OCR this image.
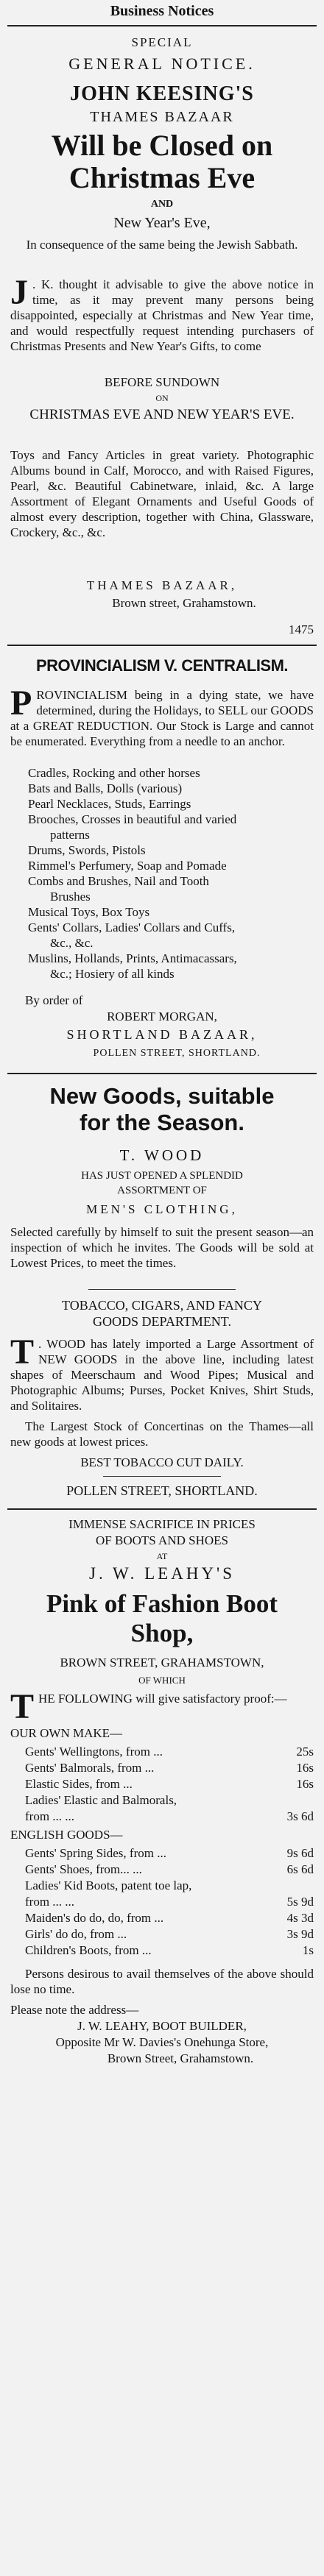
Business Notices
SPECIAL
GENERAL NOTICE.
JOHN KEESING'S
THAMES BAZAAR
Will be Closed on
Christmas Eve
AND
New Year's Eve,
In consequence of the same being the Jewish Sabbath.
J . K. thought it advisable to give the above notice in time, as it may prevent many persons being disappointed, especially at Christmas and New Year time, and would respectfully request intending purchasers of Christmas Presents and New Year's Gifts, to come

BEFORE SUNDOWN
ON
CHRISTMAS EVE AND NEW YEAR'S EVE.

Toys and Fancy Articles in great variety. Photographic Albums bound in Calf, Morocco, and with Raised Figures, Pearl, &c. Beautiful Cabinetware, inlaid, &c. A large Assortment of Elegant Ornaments and Useful Goods of almost every description, together with China, Glassware, Crockery, &c., &c.

THAMES BAZAAR,
Brown street, Grahamstown.
1475
PROVINCIALISM V. CENTRALISM.
P ROVINCIALISM being in a dying state, we have determined, during the Holidays, to SELL our GOODS at a GREAT REDUCTION. Our Stock is Large and cannot be enumerated. Everything from a needle to an anchor.

Cradles, Rocking and other horses
Bats and Balls, Dolls (various)
Pearl Necklaces, Studs, Earrings
Brooches, Crosses in beautiful and varied
patterns
Drums, Swords, Pistols
Rimmel's Perfumery, Soap and Pomade
Combs and Brushes, Nail and Tooth
Brushes
Musical Toys, Box Toys
Gents' Collars, Ladies' Collars and Cuffs,
&c., &c.
Muslins, Hollands, Prints, Antimacassars,
&c.; Hosiery of all kinds
By order of
ROBERT MORGAN,
SHORTLAND BAZAAR,
POLLEN STREET, SHORTLAND.
New Goods, suitable
for the Season.
T. WOOD
HAS JUST OPENED A SPLENDID
ASSORTMENT OF
MEN'S CLOTHING,

Selected carefully by himself to suit the present season—an inspection of which he invites. The Goods will be sold at Lowest Prices, to meet the times.

TOBACCO, CIGARS, AND FANCY
GOODS DEPARTMENT.
T . WOOD has lately imported a Large Assortment of NEW GOODS in the above line, including latest shapes of Meerschaum and Wood Pipes; Musical and Photographic Albums; Purses, Pocket Knives, Shirt Studs, and Solitaires.

The Largest Stock of Concertinas on the Thames—all new goods at lowest prices.

BEST TOBACCO CUT DAILY.
POLLEN STREET, SHORTLAND.
IMMENSE SACRIFICE IN PRICES
OF BOOTS AND SHOES
AT
J. W. LEAHY'S
Pink of Fashion Boot
Shop,
BROWN STREET, GRAHAMSTOWN,
OF WHICH
T HE FOLLOWING will give satisfactory proof:—

OUR OWN MAKE—
Gents' Wellingtons, from ...	25s
Gents' Balmorals, from ...	16s
Elastic Sides, from ...	16s
Ladies' Elastic and Balmorals,
from ... ...	3s 6d
ENGLISH GOODS—
Gents' Spring Sides, from ...	9s 6d
Gents' Shoes, from... ...	6s 6d
Ladies' Kid Boots, patent toe lap,
from ... ...	5s 9d
Maiden's do do, do, from ...	4s 3d
Girls' do do, from ...	3s 9d
Children's Boots, from ...	1s

Persons desirous to avail themselves of the above should lose no time.

Please note the address—
J. W. LEAHY, BOOT BUILDER,
Opposite Mr W. Davies's Onehunga Store,
Brown Street, Grahamstown.
